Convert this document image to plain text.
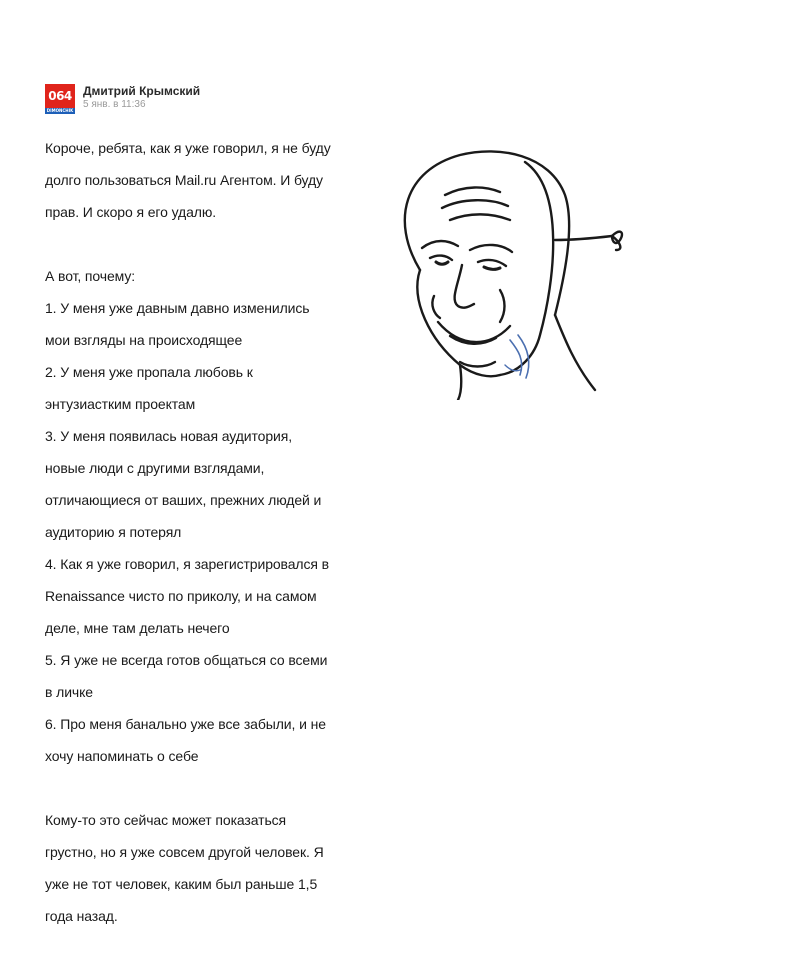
064
DIMONCHIK
Дмитрий Крымский
5 янв. в 11:36

Короче, ребята, как я уже говорил, я не буду

долго пользоваться Mail.ru Агентом. И буду

прав. И скоро я его удалю.

А вот, почему:

1. У меня уже давным давно изменились

мои взгляды на происходящее

2. У меня уже пропала любовь к

энтузиастким проектам

3. У меня появилась новая аудитория,

новые люди с другими взглядами,

отличающиеся от ваших, прежних людей и

аудиторию я потерял

4. Как я уже говорил, я зарегистрировался в

Renaissance чисто по приколу, и на самом

деле, мне там делать нечего

5. Я уже не всегда готов общаться со всеми

в личке

6. Про меня банально уже все забыли, и не

хочу напоминать о себе

Кому-то это сейчас может показаться

грустно, но я уже совсем другой человек. Я

уже не тот человек, каким был раньше 1,5

года назад.
